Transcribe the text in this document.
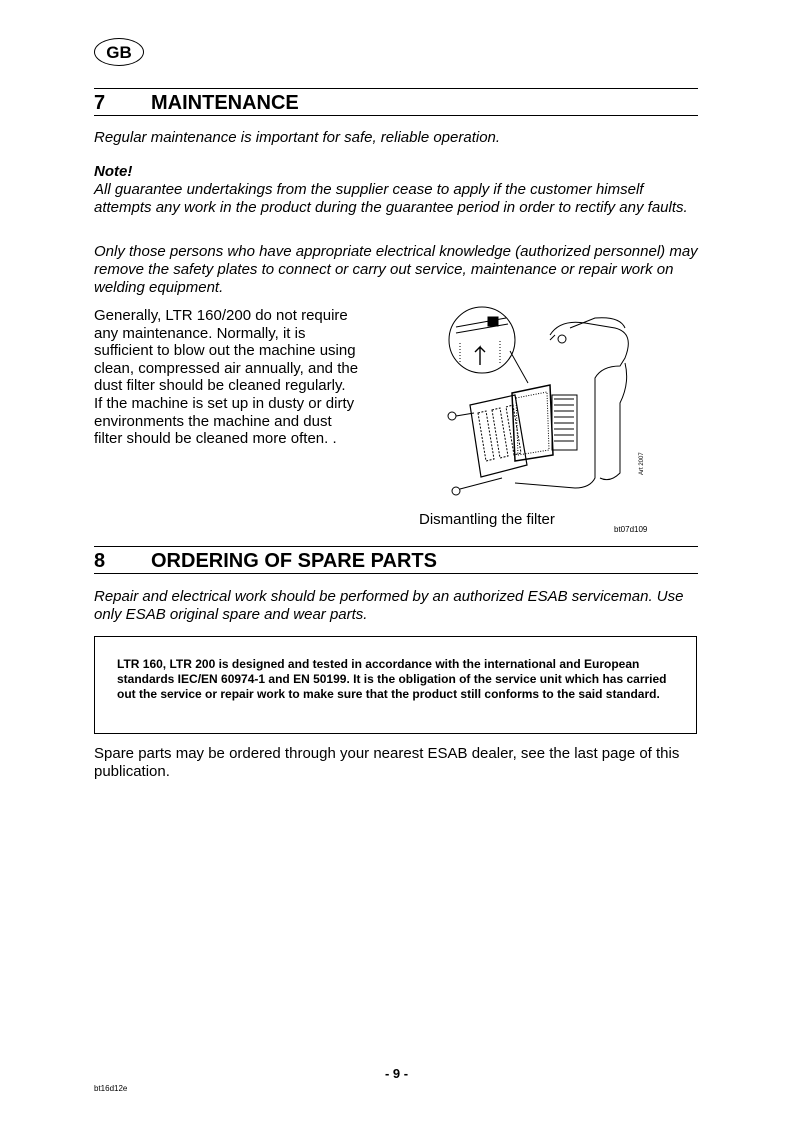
GB
7 MAINTENANCE
Regular maintenance is important for safe, reliable operation.
Note!
All guarantee undertakings from the supplier cease to apply if the customer himself attempts any work in the product during the guarantee period in order to rectify any faults.
Only those persons who have appropriate electrical knowledge (authorized personnel) may remove the safety plates to connect or carry out service, maintenance or repair work on welding equipment.
Generally, LTR 160/200 do not require any maintenance. Normally, it is sufficient to blow out the machine using clean, compressed air annually, and the dust filter should be cleaned regularly.
If the machine is set up in dusty or dirty environments the machine and dust filter should be cleaned more often. .
Art 2007
Dismantling the filter
bt07d109
8 ORDERING OF SPARE PARTS
Repair and electrical work should be performed by an authorized ESAB serviceman. Use only ESAB original spare and wear parts.
LTR 160, LTR 200 is designed and tested in accordance with the international and European standards IEC/EN 60974-1 and EN 50199. It is the obligation of the service unit which has carried out the service or repair work to make sure that the product still conforms to the said standard.
Spare parts may be ordered through your nearest ESAB dealer, see the last page of this publication.
- 9 -
bt16d12e
